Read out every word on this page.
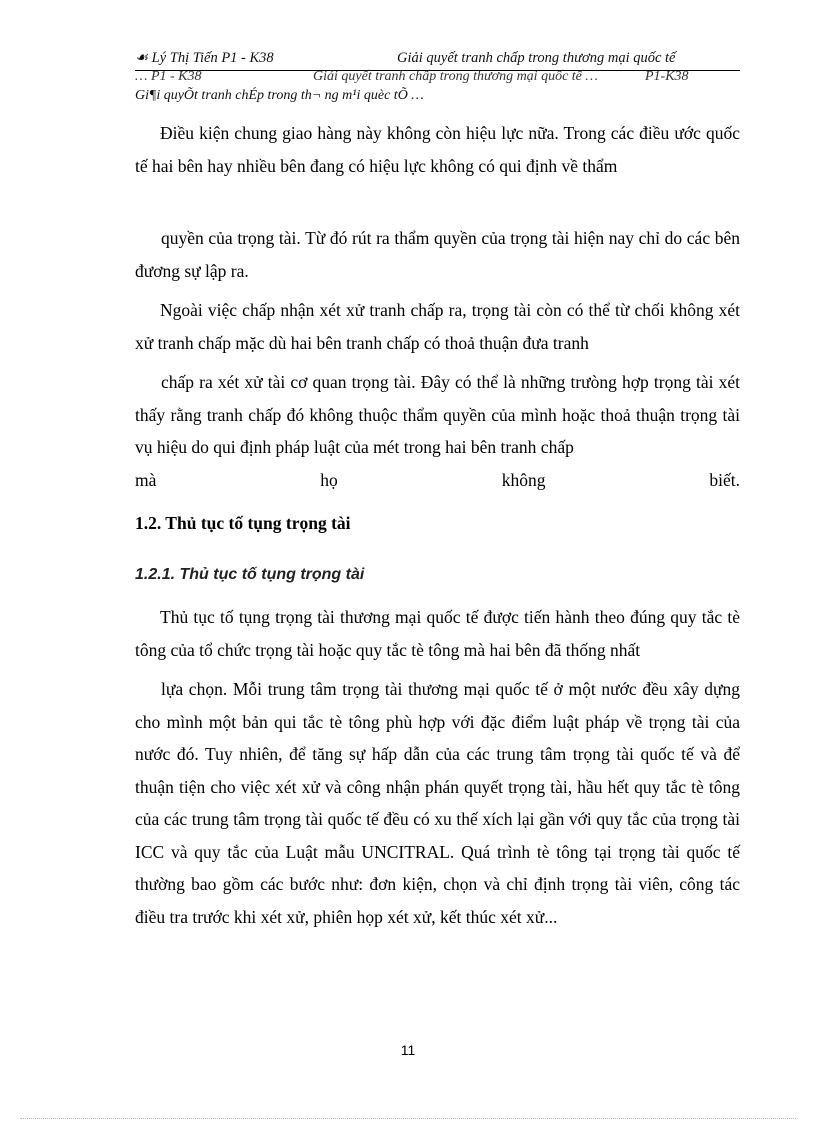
☙ Lý Thị Tiến P1 - K38	Giải quyết tranh chấp trong thương mại quốc tế
… P1 - K38	Giải quyết tranh chấp trong thương mại quốc tế …	P1-K38
Gi¶i quyÕt tranh chÉp trong th¬ ng m¹i quèc tÕ …

Điều kiện chung giao hàng này không còn hiệu lực nữa. Trong các điều ước quốc tế hai bên hay nhiều bên đang có hiệu lực không có qui định về thẩm

quyền của trọng tài. Từ đó rút ra thẩm quyền của trọng tài hiện nay chỉ do các bên đương sự lập ra.

Ngoài việc chấp nhận xét xử tranh chấp ra, trọng tài còn có thể từ chối không xét xử tranh chấp mặc dù hai bên tranh chấp có thoả thuận đưa tranh

chấp ra xét xử tài cơ quan trọng tài. Đây có thể là những trưòng hợp trọng tài xét thấy rằng tranh chấp đó không thuộc thẩm quyền của mình hoặc thoả thuận trọng tài vụ hiệu do qui định pháp luật của mét trong hai bên tranh chấp
mà	họ	không	biết.
1.2. Thủ tục tố tụng trọng tài
1.2.1. Thủ tục tố tụng trọng tài

Thủ tục tố tụng trọng tài thương mại quốc tế được tiến hành theo đúng quy tắc tè tông của tổ chức trọng tài hoặc quy tắc tè tông mà hai bên đã thống nhất

lựa chọn. Mỗi trung tâm trọng tài thương mại quốc tế ở một nước đều xây dựng cho mình một bản qui tắc tè tông phù hợp với đặc điểm luật pháp về trọng tài của nước đó. Tuy nhiên, để tăng sự hấp dẫn của các trung tâm trọng tài quốc tế và để thuận tiện cho việc xét xử và công nhận phán quyết trọng tài, hầu hết quy tắc tè tông của các trung tâm trọng tài quốc tế đều có xu thế xích lại gần với quy tắc của trọng tài ICC và quy tắc của Luật mẫu UNCITRAL. Quá trình tè tông tại trọng tài quốc tế thường bao gồm các bước như: đơn kiện, chọn và chỉ định trọng tài viên, công tác điều tra trước khi xét xử, phiên họp xét xử, kết thúc xét xử...

11
